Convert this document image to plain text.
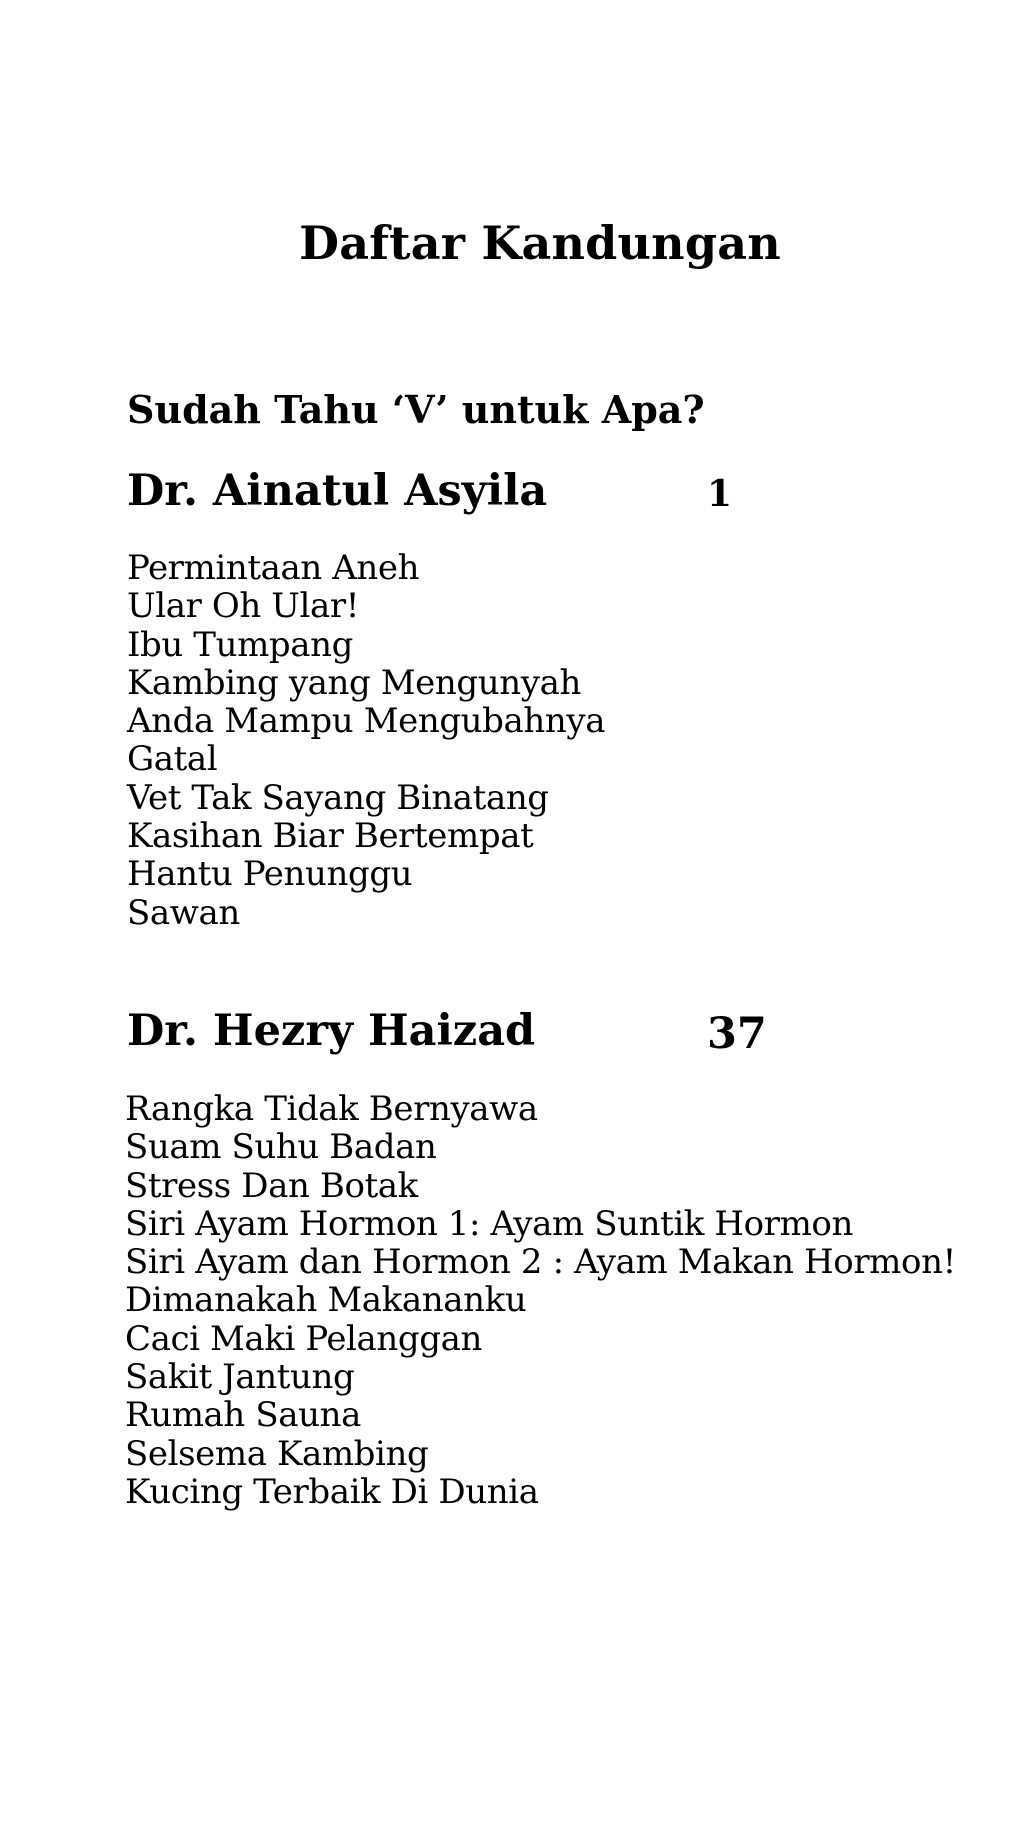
Daftar Kandungan
Sudah Tahu ‘V’ untuk Apa?
Dr. Ainatul Asyila	1
Permintaan Aneh
Ular Oh Ular!
Ibu Tumpang
Kambing yang Mengunyah
Anda Mampu Mengubahnya
Gatal
Vet Tak Sayang Binatang
Kasihan Biar Bertempat
Hantu Penunggu
Sawan
Dr. Hezry Haizad	37
Rangka Tidak Bernyawa
Suam Suhu Badan
Stress Dan Botak
Siri Ayam Hormon 1: Ayam Suntik Hormon
Siri Ayam dan Hormon 2 : Ayam Makan Hormon!
Dimanakah Makananku
Caci Maki Pelanggan
Sakit Jantung
Rumah Sauna
Selsema Kambing
Kucing Terbaik Di Dunia
